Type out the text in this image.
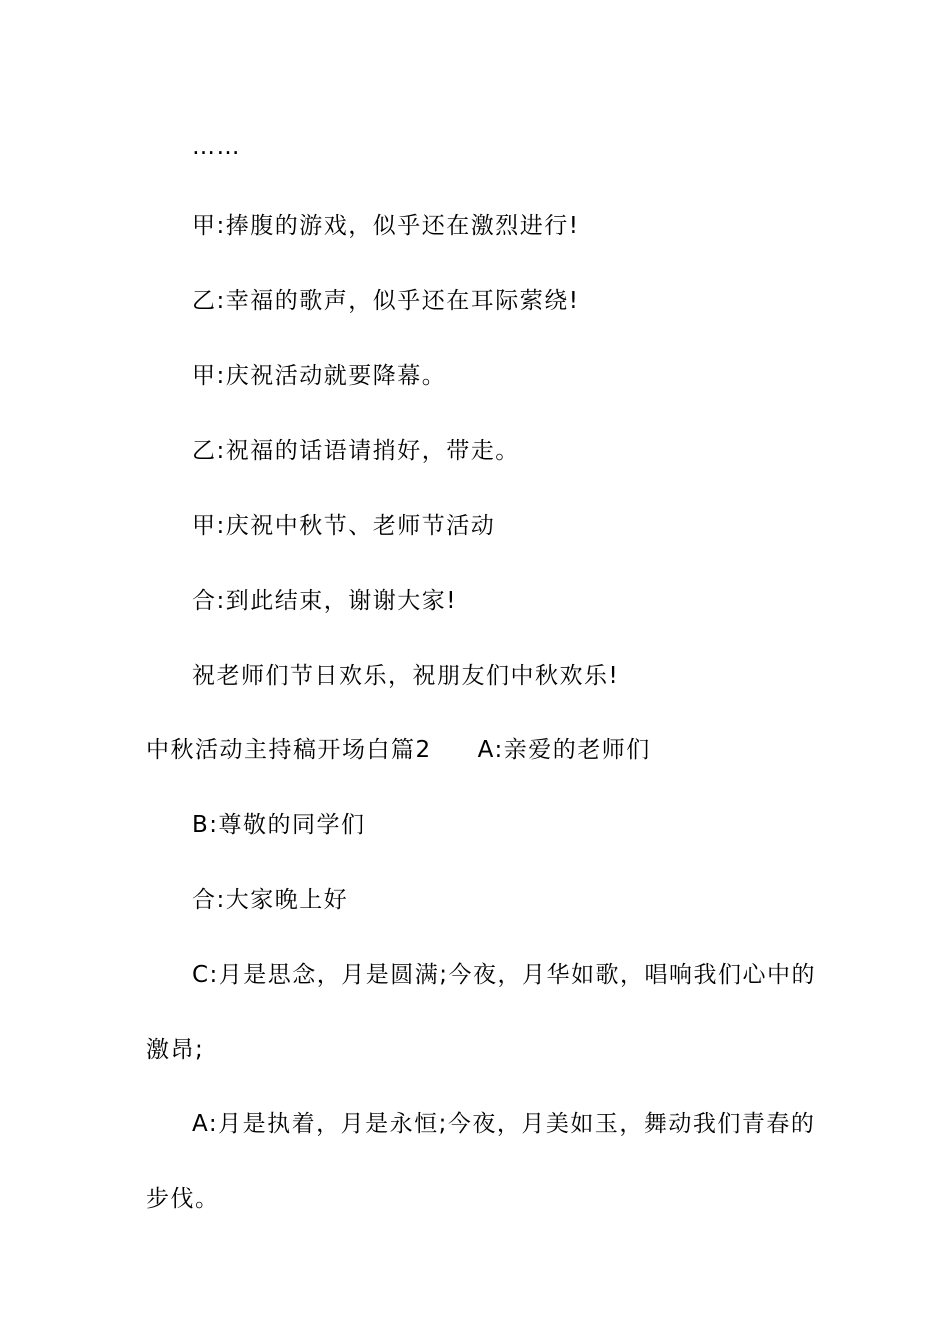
……
甲:捧腹的游戏，似乎还在激烈进行!
乙:幸福的歌声，似乎还在耳际萦绕!
甲:庆祝活动就要降幕。
乙:祝福的话语请捎好，带走。
甲:庆祝中秋节、老师节活动
合:到此结束，谢谢大家!
祝老师们节日欢乐，祝朋友们中秋欢乐!
中秋活动主持稿开场白篇2 A:亲爱的老师们
B:尊敬的同学们
合:大家晚上好
C:月是思念，月是圆满;今夜，月华如歌，唱响我们心中的
激昂;
A:月是执着，月是永恒;今夜，月美如玉，舞动我们青春的
步伐。
